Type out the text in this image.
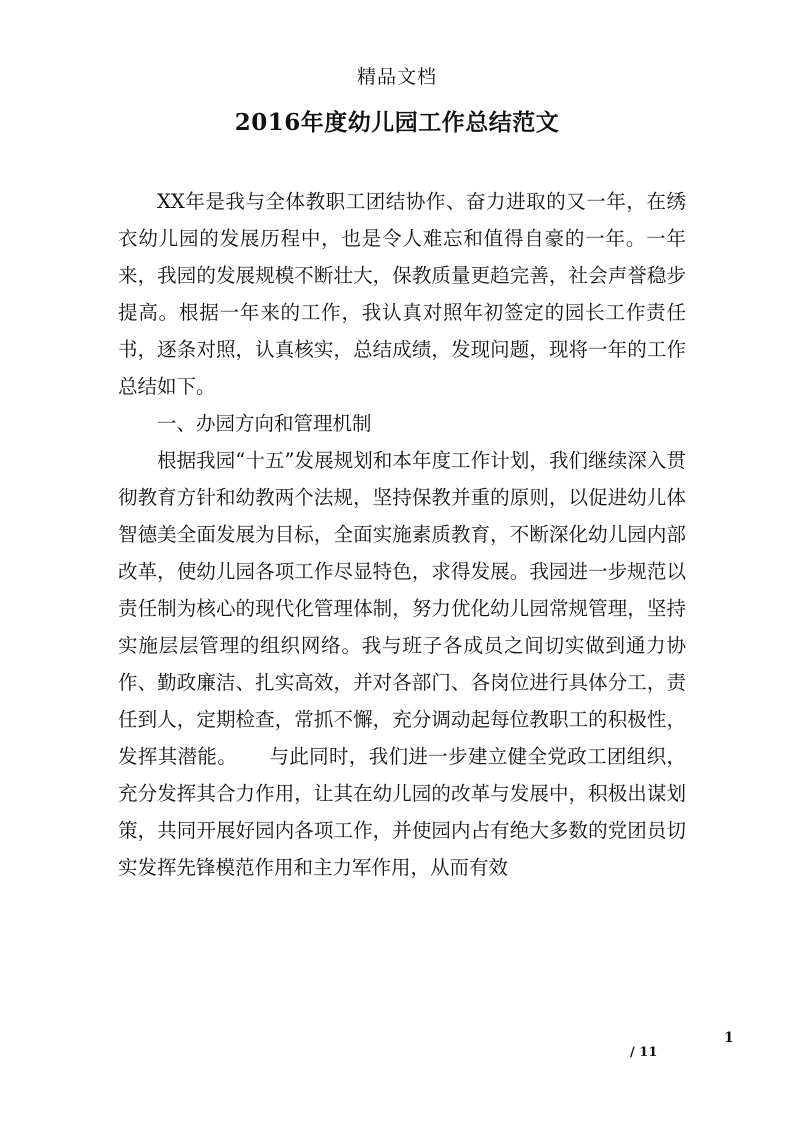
精品文档
2016年度幼儿园工作总结范文

XX年是我与全体教职工团结协作、奋力进取的又一年，在绣衣幼儿园的发展历程中，也是令人难忘和值得自豪的一年。一年来，我园的发展规模不断壮大，保教质量更趋完善，社会声誉稳步提高。根据一年来的工作，我认真对照年初签定的园长工作责任书，逐条对照，认真核实，总结成绩，发现问题，现将一年的工作总结如下。

一、办园方向和管理机制

根据我园“十五”发展规划和本年度工作计划，我们继续深入贯彻教育方针和幼教两个法规，坚持保教并重的原则，以促进幼儿体智德美全面发展为目标，全面实施素质教育，不断深化幼儿园内部改革，使幼儿园各项工作尽显特色，求得发展。我园进一步规范以责任制为核心的现代化管理体制，努力优化幼儿园常规管理，坚持实施层层管理的组织网络。我与班子各成员之间切实做到通力协作、勤政廉洁、扎实高效，并对各部门、各岗位进行具体分工，责任到人，定期检查，常抓不懈，充分调动起每位教职工的积极性，发挥其潜能。 与此同时，我们进一步建立健全党政工团组织，充分发挥其合力作用，让其在幼儿园的改革与发展中，积极出谋划策，共同开展好园内各项工作，并使园内占有绝大多数的党团员切实发挥先锋模范作用和主力军作用，从而有效

1
/ 11
